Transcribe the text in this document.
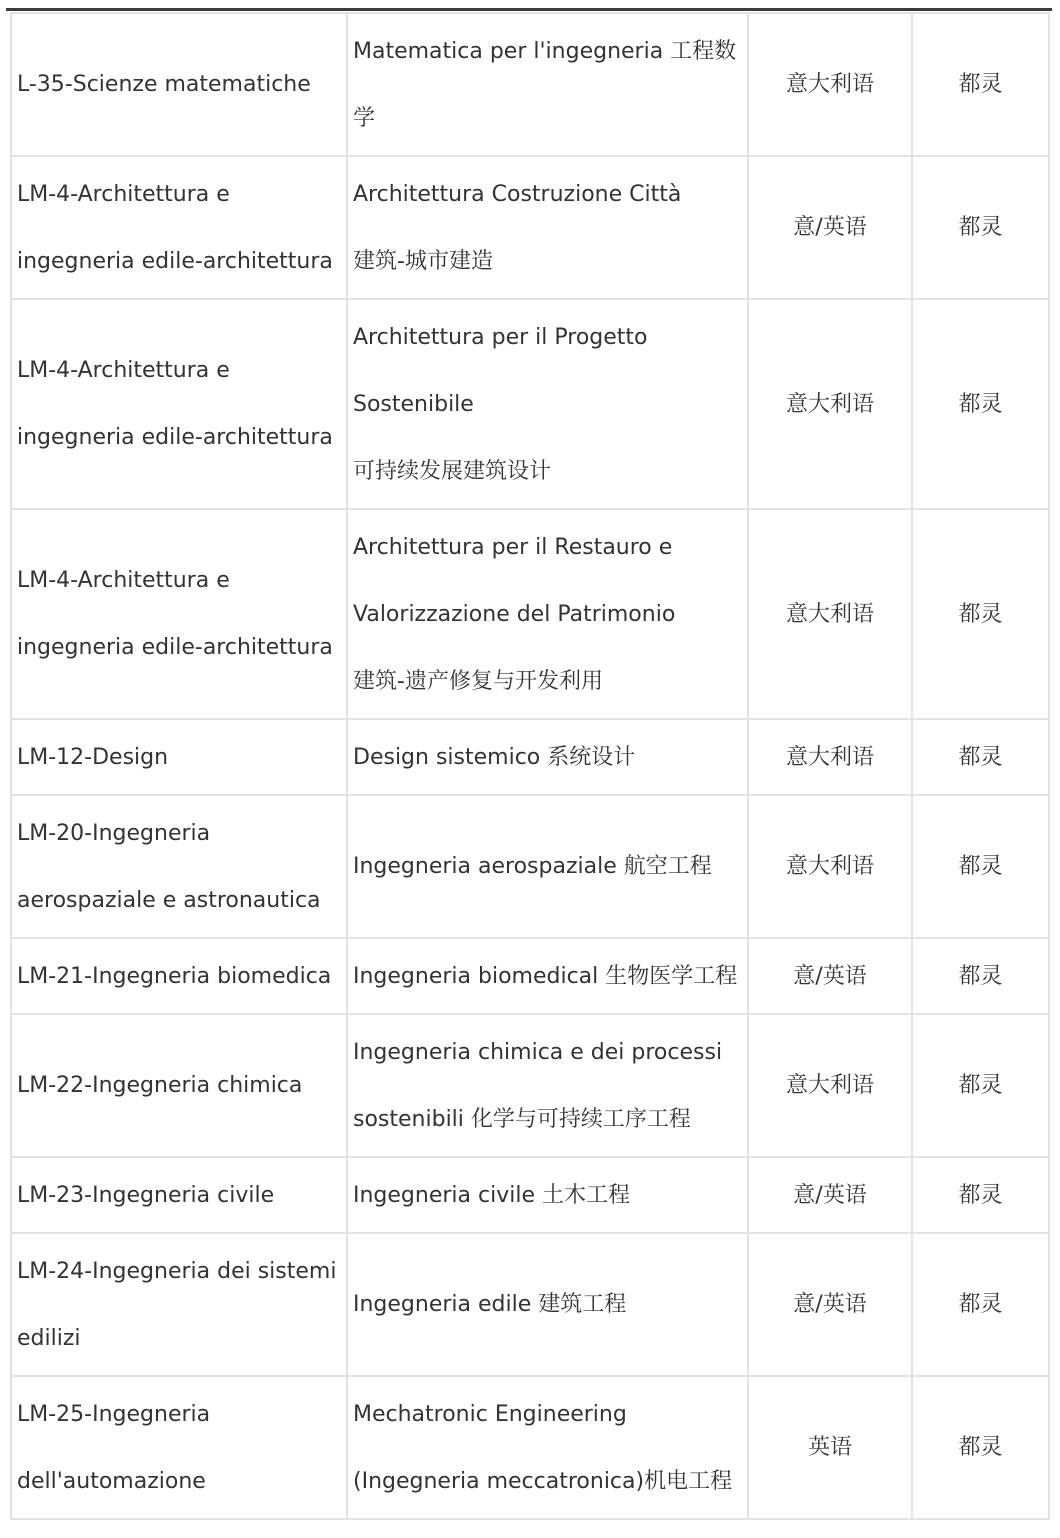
L-35-Scienze matematiche	Matematica per l'ingegneria 工程数
学	意大利语	都灵

LM-4-Architettura e
ingegneria edile-architettura	Architettura Costruzione Città
建筑-城市建造	意/英语	都灵

LM-4-Architettura e
ingegneria edile-architettura	Architettura per il Progetto
Sostenibile
可持续发展建筑设计	意大利语	都灵

LM-4-Architettura e
ingegneria edile-architettura	Architettura per il Restauro e
Valorizzazione del Patrimonio
建筑-遗产修复与开发利用	意大利语	都灵

LM-12-Design	Design sistemico 系统设计	意大利语	都灵

LM-20-Ingegneria
aerospaziale e astronautica	Ingegneria aerospaziale 航空工程	意大利语	都灵

LM-21-Ingegneria biomedica	Ingegneria biomedical 生物医学工程	意/英语	都灵

LM-22-Ingegneria chimica	Ingegneria chimica e dei processi
sostenibili 化学与可持续工序工程	意大利语	都灵

LM-23-Ingegneria civile	Ingegneria civile 土木工程	意/英语	都灵

LM-24-Ingegneria dei sistemi
edilizi	Ingegneria edile 建筑工程	意/英语	都灵

LM-25-Ingegneria
dell'automazione	Mechatronic Engineering
(Ingegneria meccatronica)机电工程	英语	都灵
